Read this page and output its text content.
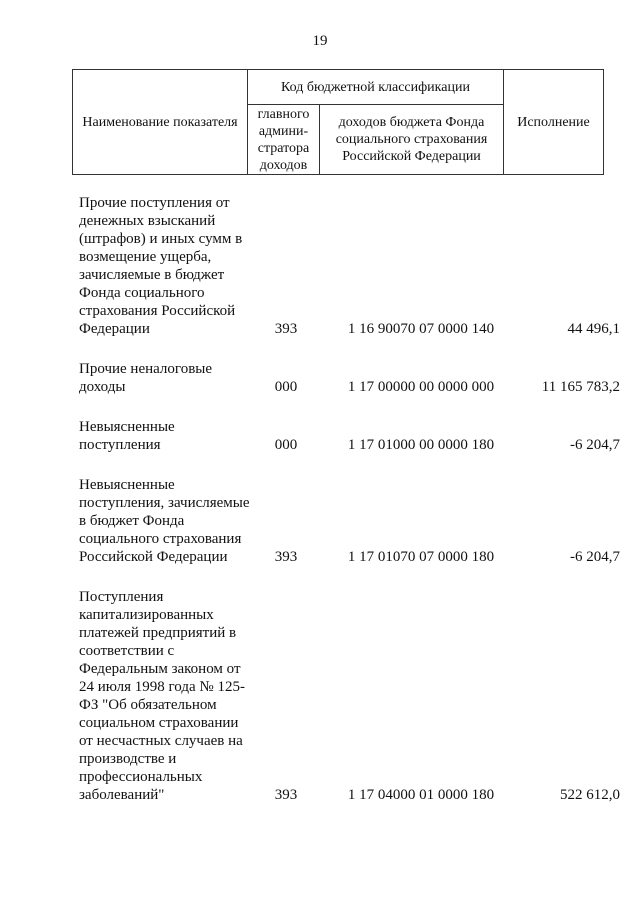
19
Наименование показателя	Код бюджетной классификации		Исполнение
	главного админи-стратора доходов	доходов бюджета Фонда социального страхования Российской Федерации	
Прочие поступления от денежных взысканий (штрафов) и иных сумм в возмещение ущерба, зачисляемые в бюджет Фонда социального страхования Российской Федерации	393	1 16 90070 07 0000 140	44 496,1
Прочие неналоговые доходы	000	1 17 00000 00 0000 000	11 165 783,2
Невыясненные поступления	000	1 17 01000 00 0000 180	-6 204,7
Невыясненные поступления, зачисляемые в бюджет Фонда социального страхования Российской Федерации	393	1 17 01070 07 0000 180	-6 204,7
Поступления капитализированных платежей предприятий в соответствии с Федеральным законом от 24 июля 1998 года № 125-ФЗ "Об обязательном социальном страховании от несчастных случаев на производстве и профессиональных заболеваний"	393	1 17 04000 01 0000 180	522 612,0
